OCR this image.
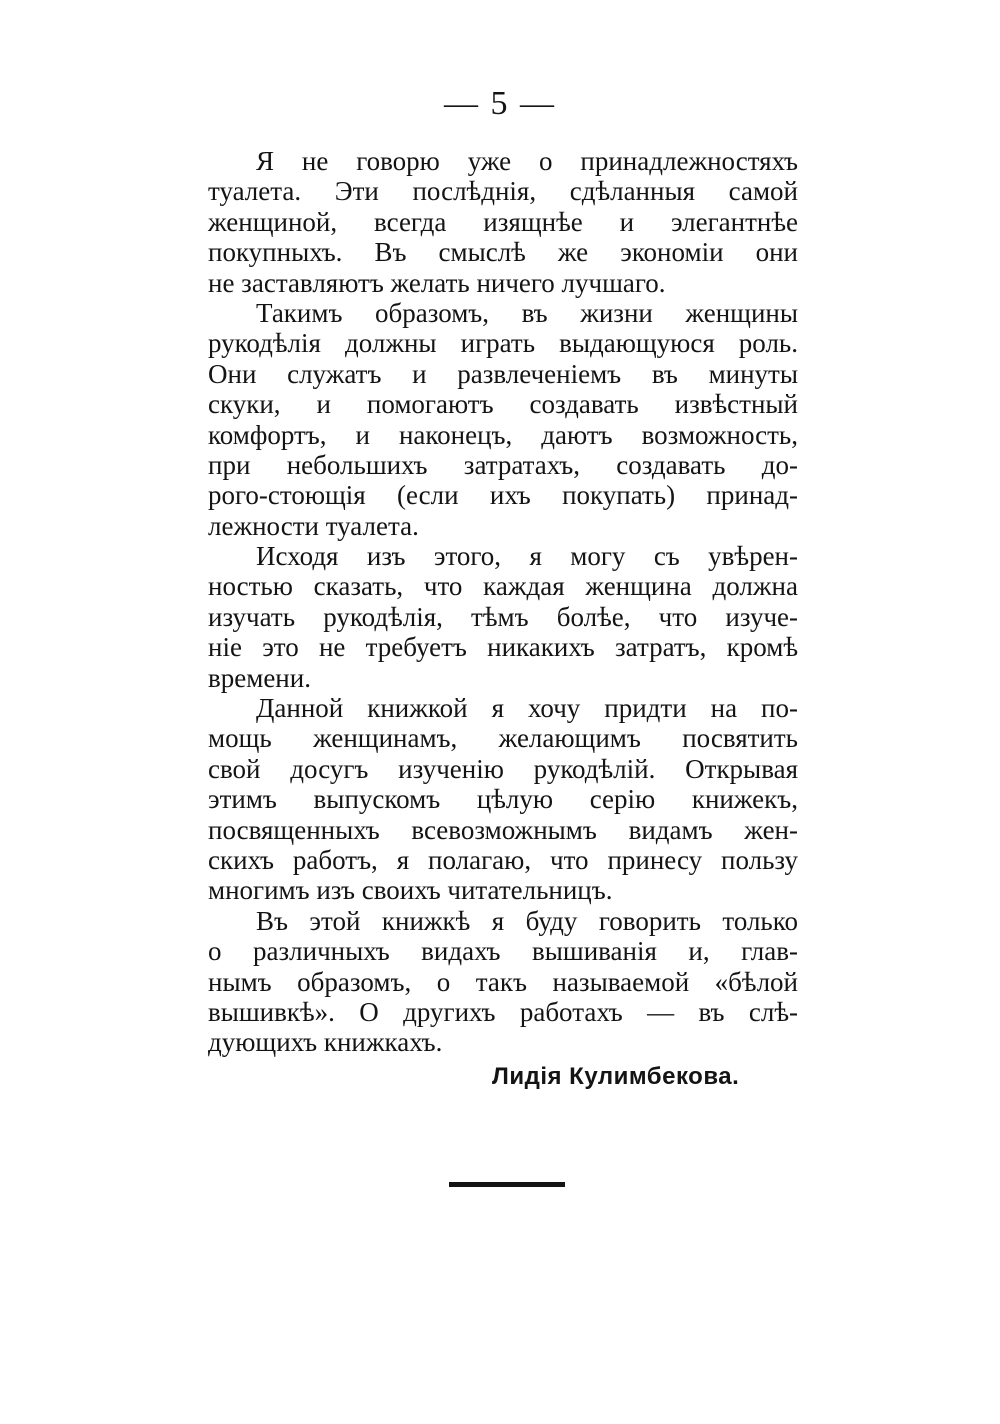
— 5 —
Я не говорю уже о принадлежностяхъ
туалета. Эти послѣднія, сдѣланныя самой
женщиной, всегда изящнѣе и элегантнѣе
покупныхъ. Въ смыслѣ же экономіи они
не заставляютъ желать ничего лучшаго.
Такимъ образомъ, въ жизни женщины
рукодѣлія должны играть выдающуюся роль.
Они служатъ и развлеченіемъ въ минуты
скуки, и помогаютъ создавать извѣстный
комфортъ, и наконецъ, даютъ возможность,
при небольшихъ затратахъ, создавать до-
рого-стоющія (если ихъ покупать) принад-
лежности туалета.
Исходя изъ этого, я могу съ увѣрен-
ностью сказать, что каждая женщина должна
изучать рукодѣлія, тѣмъ болѣе, что изуче-
ніе это не требуетъ никакихъ затратъ, кромѣ
времени.
Данной книжкой я хочу придти на по-
мощь женщинамъ, желающимъ посвятить
свой досугъ изученію рукодѣлій. Открывая
этимъ выпускомъ цѣлую серію книжекъ,
посвященныхъ всевозможнымъ видамъ жен-
скихъ работъ, я полагаю, что принесу пользу
многимъ изъ своихъ читательницъ.
Въ этой книжкѣ я буду говорить только
о различныхъ видахъ вышиванія и, глав-
нымъ образомъ, о такъ называемой «бѣлой
вышивкѣ». О другихъ работахъ — въ слѣ-
дующихъ книжкахъ.
Лидія Кулимбекова.
